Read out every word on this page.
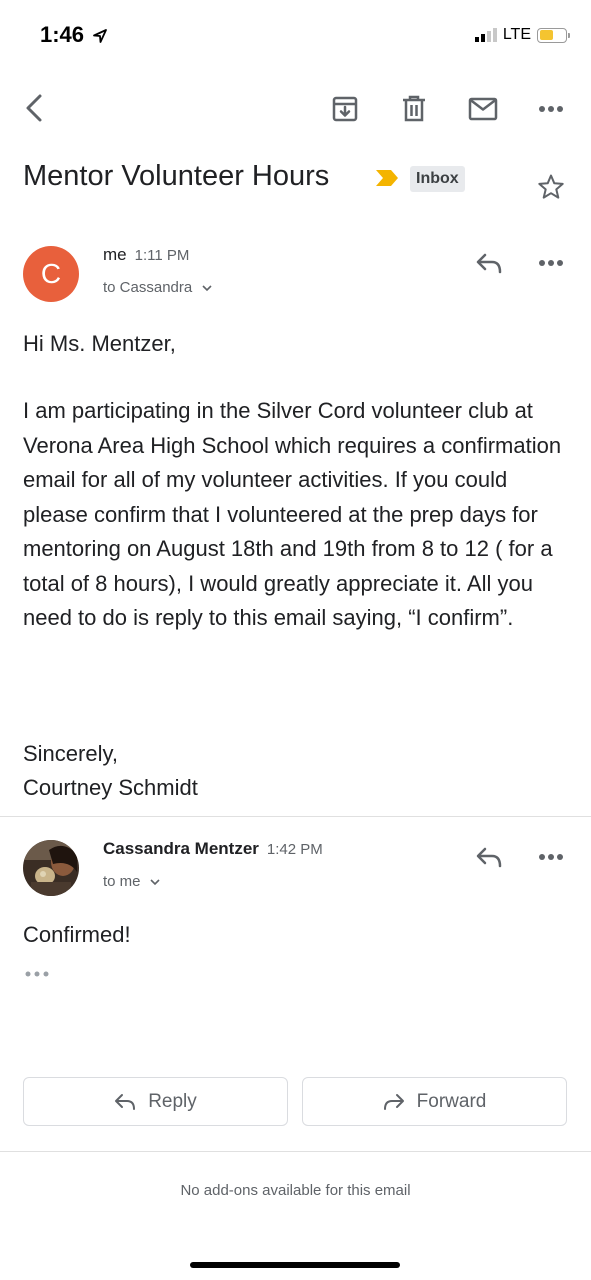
1:46	LTE
Mentor Volunteer Hours	Inbox
C
me 1:11 PM
to Cassandra
Hi Ms. Mentzer,
I am participating in the Silver Cord volunteer club at Verona Area High School which requires a confirmation email for all of my volunteer activities. If you could please confirm that I volunteered at the prep days for mentoring on August 18th and 19th from 8 to 12 ( for a total of 8 hours), I would greatly appreciate it. All you need to do is reply to this email saying, “I confirm”.
Sincerely,
Courtney Schmidt
Cassandra Mentzer 1:42 PM
to me
Confirmed!
Reply	Forward
No add-ons available for this email
